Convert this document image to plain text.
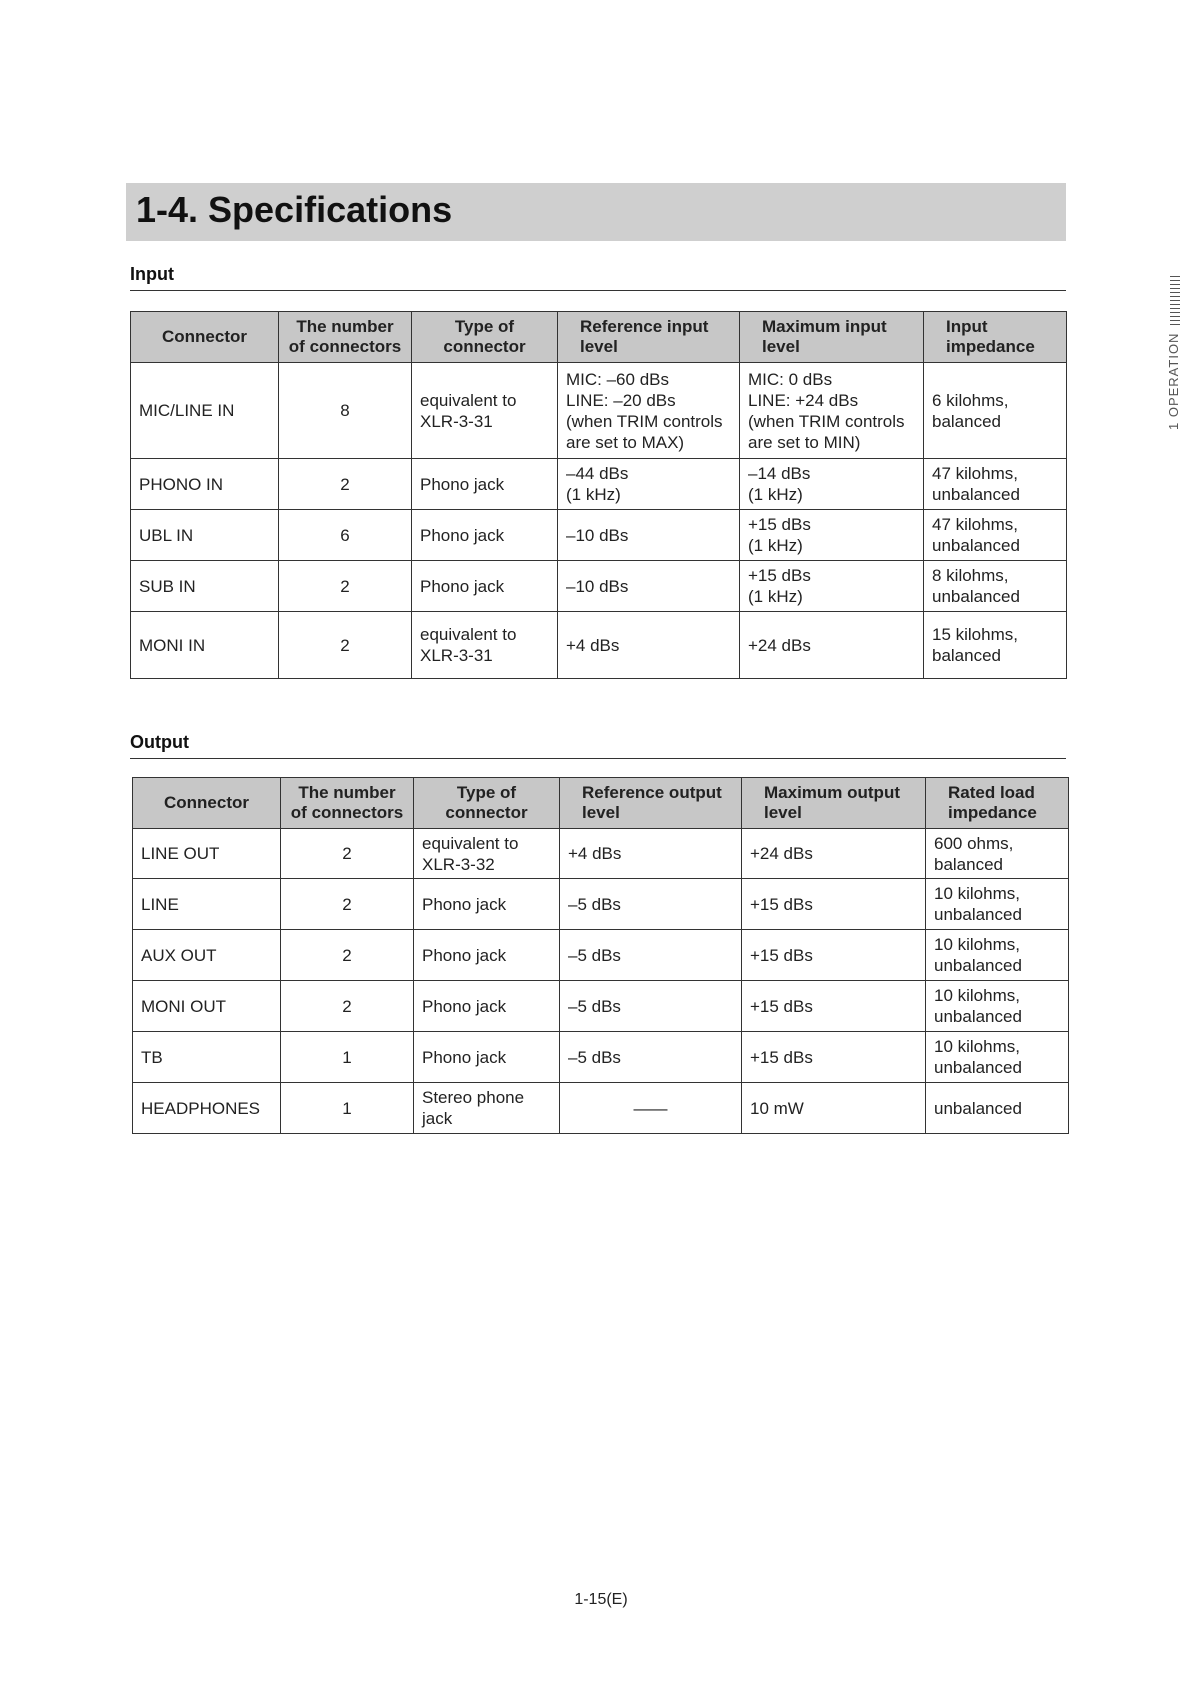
1-4. Specifications
1 OPERATION
Input
Connector	The number of connectors	Type of connector	Reference input level	Maximum input level	Input impedance
MIC/LINE IN	8	equivalent to
XLR-3-31	MIC: –60 dBs
LINE: –20 dBs
(when TRIM controls
are set to MAX)	MIC: 0 dBs
LINE: +24 dBs
(when TRIM controls
are set to MIN)	6 kilohms,
balanced

PHONO IN	2	Phono jack	–44 dBs
(1 kHz)	–14 dBs
(1 kHz)	47 kilohms,
unbalanced

UBL IN	6	Phono jack	–10 dBs	+15 dBs
(1 kHz)	47 kilohms,
unbalanced

SUB IN	2	Phono jack	–10 dBs	+15 dBs
(1 kHz)	8 kilohms,
unbalanced

MONI IN	2	equivalent to
XLR-3-31	+4 dBs	+24 dBs	15 kilohms,
balanced
Output
Connector	The number of connectors	Type of connector	Reference output level	Maximum output level	Rated load impedance
LINE OUT	2	equivalent to
XLR-3-32	+4 dBs	+24 dBs	600 ohms,
balanced

LINE	2	Phono jack	–5 dBs	+15 dBs	10 kilohms,
unbalanced

AUX OUT	2	Phono jack	–5 dBs	+15 dBs	10 kilohms,
unbalanced

MONI OUT	2	Phono jack	–5 dBs	+15 dBs	10 kilohms,
unbalanced

TB	1	Phono jack	–5 dBs	+15 dBs	10 kilohms,
unbalanced

HEADPHONES	1	Stereo phone
jack	——	10 mW	unbalanced
1-15(E)
